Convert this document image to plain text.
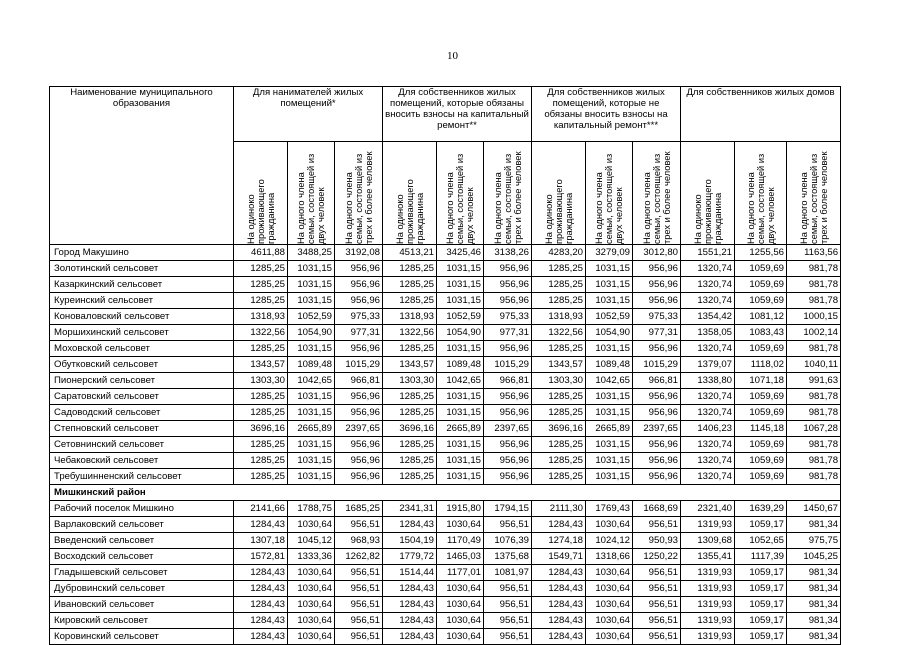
10
Наименование муниципального образования	Для нанимателей жилых помещений*			Для собственников жилых помещений, которые обязаны вносить взносы на капитальный ремонт**			Для собственников жилых помещений, которые не обязаны вносить взносы на капитальный ремонт***			Для собственников жилых домов		

	На одиноко проживающего гражданина	На одного члена семьи, состоящей из двух человек	На одного члена семьи, состоящей из трех и более человек	На одиноко проживающего гражданина	На одного члена семьи, состоящей из двух человек	На одного члена семьи, состоящей из трех и более человек	На одиноко проживающего гражданина	На одного члена семьи, состоящей из двух человек	На одного члена семьи, состоящей из трех и более человек	На одиноко проживающего гражданина	На одного члена семьи, состоящей из двух человек	На одного члена семьи, состоящей из трех и более человек

Город Макушино	4611,88	3488,25	3192,08	4513,21	3425,46	3138,26	4283,20	3279,09	3012,80	1551,21	1255,56	1163,56
Золотинский сельсовет	1285,25	1031,15	956,96	1285,25	1031,15	956,96	1285,25	1031,15	956,96	1320,74	1059,69	981,78
Казаркинский сельсовет	1285,25	1031,15	956,96	1285,25	1031,15	956,96	1285,25	1031,15	956,96	1320,74	1059,69	981,78
Куреинский сельсовет	1285,25	1031,15	956,96	1285,25	1031,15	956,96	1285,25	1031,15	956,96	1320,74	1059,69	981,78
Коноваловский сельсовет	1318,93	1052,59	975,33	1318,93	1052,59	975,33	1318,93	1052,59	975,33	1354,42	1081,12	1000,15
Моршихинский сельсовет	1322,56	1054,90	977,31	1322,56	1054,90	977,31	1322,56	1054,90	977,31	1358,05	1083,43	1002,14
Моховской сельсовет	1285,25	1031,15	956,96	1285,25	1031,15	956,96	1285,25	1031,15	956,96	1320,74	1059,69	981,78
Обутковский сельсовет	1343,57	1089,48	1015,29	1343,57	1089,48	1015,29	1343,57	1089,48	1015,29	1379,07	1118,02	1040,11
Пионерский сельсовет	1303,30	1042,65	966,81	1303,30	1042,65	966,81	1303,30	1042,65	966,81	1338,80	1071,18	991,63
Саратовский сельсовет	1285,25	1031,15	956,96	1285,25	1031,15	956,96	1285,25	1031,15	956,96	1320,74	1059,69	981,78
Садоводский сельсовет	1285,25	1031,15	956,96	1285,25	1031,15	956,96	1285,25	1031,15	956,96	1320,74	1059,69	981,78
Степновский сельсовет	3696,16	2665,89	2397,65	3696,16	2665,89	2397,65	3696,16	2665,89	2397,65	1406,23	1145,18	1067,28
Сетовнинский сельсовет	1285,25	1031,15	956,96	1285,25	1031,15	956,96	1285,25	1031,15	956,96	1320,74	1059,69	981,78
Чебаковский сельсовет	1285,25	1031,15	956,96	1285,25	1031,15	956,96	1285,25	1031,15	956,96	1320,74	1059,69	981,78
Требушинненский сельсовет	1285,25	1031,15	956,96	1285,25	1031,15	956,96	1285,25	1031,15	956,96	1320,74	1059,69	981,78
Мишкинский район												
Рабочий поселок Мишкино	2141,66	1788,75	1685,25	2341,31	1915,80	1794,15	2111,30	1769,43	1668,69	2321,40	1639,29	1450,67
Варлаковский сельсовет	1284,43	1030,64	956,51	1284,43	1030,64	956,51	1284,43	1030,64	956,51	1319,93	1059,17	981,34
Введенский сельсовет	1307,18	1045,12	968,93	1504,19	1170,49	1076,39	1274,18	1024,12	950,93	1309,68	1052,65	975,75
Восходский сельсовет	1572,81	1333,36	1262,82	1779,72	1465,03	1375,68	1549,71	1318,66	1250,22	1355,41	1117,39	1045,25
Гладышевский сельсовет	1284,43	1030,64	956,51	1514,44	1177,01	1081,97	1284,43	1030,64	956,51	1319,93	1059,17	981,34
Дубровинский сельсовет	1284,43	1030,64	956,51	1284,43	1030,64	956,51	1284,43	1030,64	956,51	1319,93	1059,17	981,34
Ивановский сельсовет	1284,43	1030,64	956,51	1284,43	1030,64	956,51	1284,43	1030,64	956,51	1319,93	1059,17	981,34
Кировский сельсовет	1284,43	1030,64	956,51	1284,43	1030,64	956,51	1284,43	1030,64	956,51	1319,93	1059,17	981,34
Коровинский сельсовет	1284,43	1030,64	956,51	1284,43	1030,64	956,51	1284,43	1030,64	956,51	1319,93	1059,17	981,34
